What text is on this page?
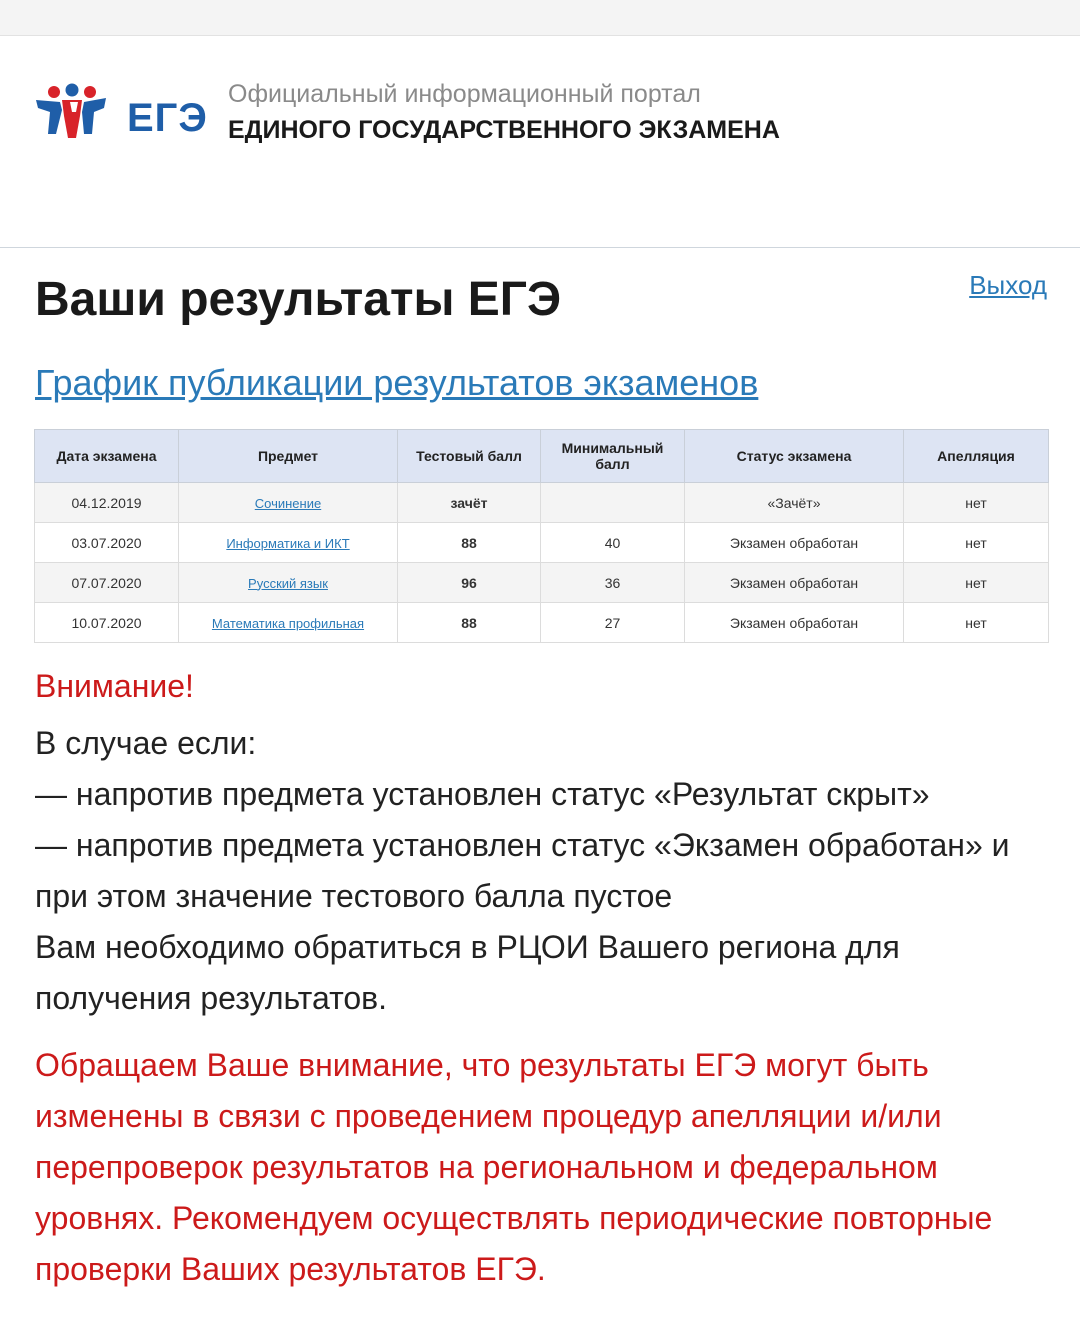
ЕГЭ
Официальный информационный портал
ЕДИНОГО ГОСУДАРСТВЕННОГО ЭКЗАМЕНА
Ваши результаты ЕГЭ	Выход
График публикации результатов экзаменов
Дата экзамена	Предмет	Тестовый балл	Минимальный балл	Статус экзамена	Апелляция
04.12.2019	Сочинение	зачёт		«Зачёт»	нет
03.07.2020	Информатика и ИКТ	88	40	Экзамен обработан	нет
07.07.2020	Русский язык	96	36	Экзамен обработан	нет
10.07.2020	Математика профильная	88	27	Экзамен обработан	нет
Внимание!
В случае если:
— напротив предмета установлен статус «Результат скрыт»
— напротив предмета установлен статус «Экзамен обработан» и при этом значение тестового балла пустое
Вам необходимо обратиться в РЦОИ Вашего региона для получения результатов.
Обращаем Ваше внимание, что результаты ЕГЭ могут быть изменены в связи с проведением процедур апелляции и/или перепроверок результатов на региональном и федеральном уровнях. Рекомендуем осуществлять периодические повторные проверки Ваших результатов ЕГЭ.
